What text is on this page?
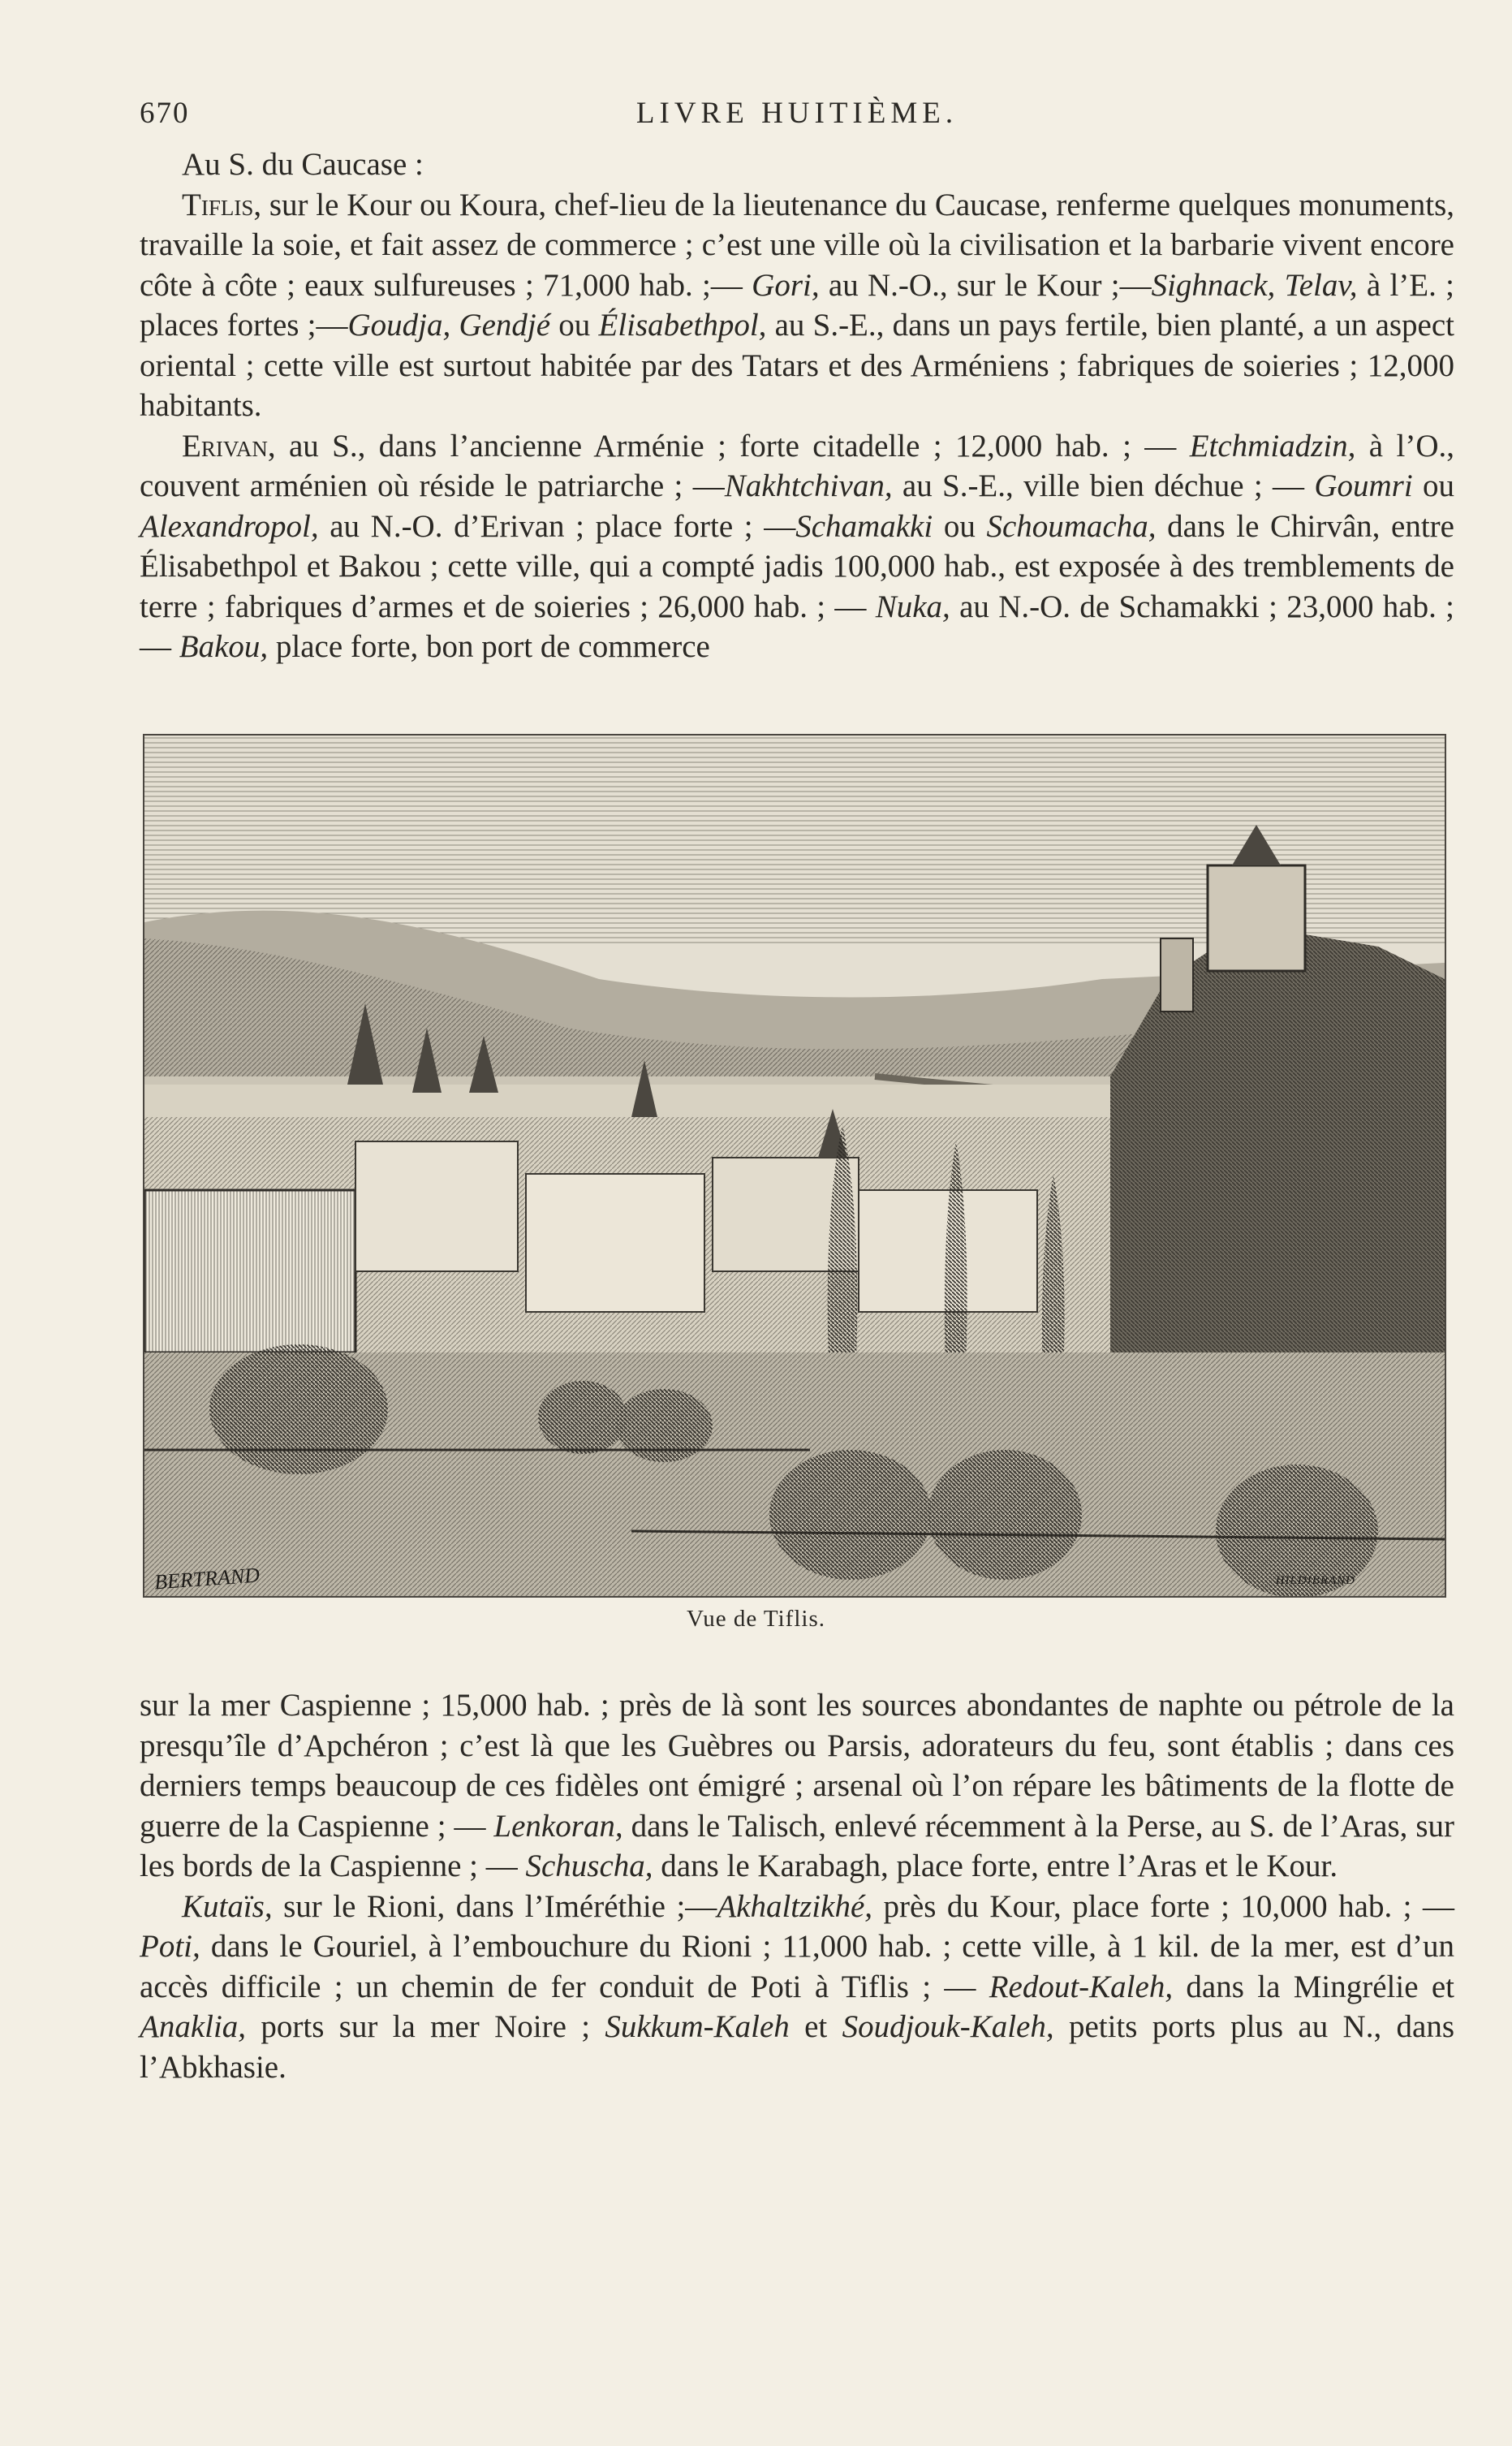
670	LIVRE HUITIÈME.

Au S. du Caucase :

Tiflis, sur le Kour ou Koura, chef-lieu de la lieutenance du Caucase, renferme quelques monuments, travaille la soie, et fait assez de commerce ; c’est une ville où la civilisation et la barbarie vivent encore côte à côte ; eaux sulfureuses ; 71,000 hab. ;— Gori, au N.-O., sur le Kour ;—Sighnack, Telav, à l’E. ; places fortes ;—Goudja, Gendjé ou Élisabethpol, au S.-E., dans un pays fertile, bien planté, a un aspect oriental ; cette ville est surtout habitée par des Tatars et des Arméniens ; fabriques de soieries ; 12,000 habitants.

Erivan, au S., dans l’ancienne Arménie ; forte citadelle ; 12,000 hab. ; — Etchmiadzin, à l’O., couvent arménien où réside le patriarche ; —Nakhtchivan, au S.-E., ville bien déchue ; — Goumri ou Alexandropol, au N.-O. d’Erivan ; place forte ; —Schamakki ou Schoumacha, dans le Chirvân, entre Élisabethpol et Bakou ; cette ville, qui a compté jadis 100,000 hab., est exposée à des tremblements de terre ; fabriques d’armes et de soieries ; 26,000 hab. ; — Nuka, au N.-O. de Schamakki ; 23,000 hab. ; — Bakou, place forte, bon port de commerce

BERTRAND	HILDIBRAND
Vue de Tiflis.

sur la mer Caspienne ; 15,000 hab. ; près de là sont les sources abondantes de naphte ou pétrole de la presqu’île d’Apchéron ; c’est là que les Guèbres ou Parsis, adorateurs du feu, sont établis ; dans ces derniers temps beaucoup de ces fidèles ont émigré ; arsenal où l’on répare les bâtiments de la flotte de guerre de la Caspienne ; — Lenkoran, dans le Talisch, enlevé récemment à la Perse, au S. de l’Aras, sur les bords de la Caspienne ; — Schuscha, dans le Karabagh, place forte, entre l’Aras et le Kour.

Kutaïs, sur le Rioni, dans l’Iméréthie ;—Akhaltzikhé, près du Kour, place forte ; 10,000 hab. ; — Poti, dans le Gouriel, à l’embouchure du Rioni ; 11,000 hab. ; cette ville, à 1 kil. de la mer, est d’un accès difficile ; un chemin de fer conduit de Poti à Tiflis ; — Redout-Kaleh, dans la Mingrélie et Anaklia, ports sur la mer Noire ; Sukkum-Kaleh et Soudjouk-Kaleh, petits ports plus au N., dans l’Abkhasie.
